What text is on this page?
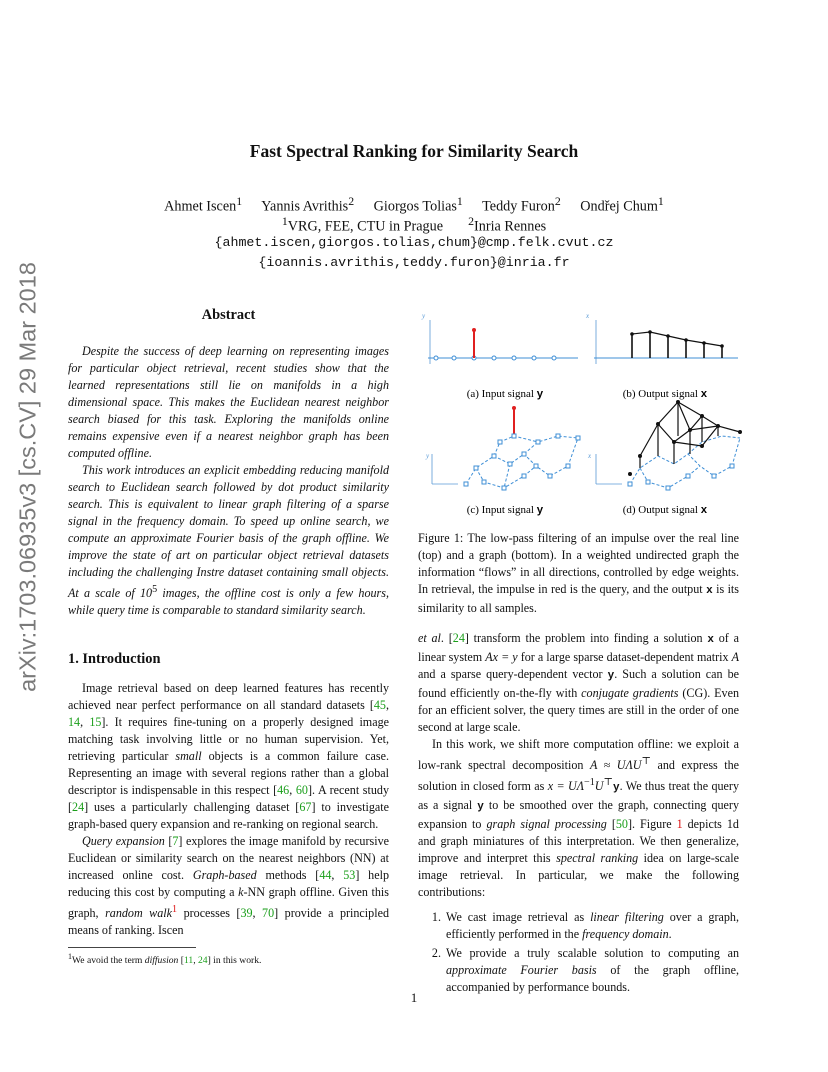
arXiv:1703.06935v3 [cs.CV] 29 Mar 2018
Fast Spectral Ranking for Similarity Search
Ahmet Iscen$^1$ Yannis Avrithis$^2$ Giorgos Tolias$^1$ Teddy Furon$^2$ Ondřej Chum$^1$
$^1$VRG, FEE, CTU in Prague $^2$Inria Rennes
{ahmet.iscen,giorgos.tolias,chum}@cmp.felk.cvut.cz
{ioannis.avrithis,teddy.furon}@inria.fr
Abstract

Despite the success of deep learning on representing images for particular object retrieval, recent studies show that the learned representations still lie on manifolds in a high dimensional space. This makes the Euclidean nearest neighbor search biased for this task. Exploring the manifolds online remains expensive even if a nearest neighbor graph has been computed offline.

This work introduces an explicit embedding reducing manifold search to Euclidean search followed by dot product similarity search. This is equivalent to linear graph filtering of a sparse signal in the frequency domain. To speed up online search, we compute an approximate Fourier basis of the graph offline. We improve the state of art on particular object retrieval datasets including the challenging Instre dataset containing small objects. At a scale of $10^5$ images, the offline cost is only a few hours, while query time is comparable to standard similarity search.

1. Introduction

Image retrieval based on deep learned features has recently achieved near perfect performance on all standard datasets [45, 14, 15]. It requires fine-tuning on a properly designed image matching task involving little or no human supervision. Yet, retrieving particular small objects is a common failure case. Representing an image with several regions rather than a global descriptor is indispensable in this respect [46, 60]. A recent study [24] uses a particularly challenging dataset [67] to investigate graph-based query expansion and re-ranking on regional search.

Query expansion [7] explores the image manifold by recursive Euclidean or similarity search on the nearest neighbors (NN) at increased online cost. Graph-based methods [44, 53] help reducing this cost by computing a k-NN graph offline. Given this graph, random walk$^1$ processes [39, 70] provide a principled means of ranking. Iscen

$^1$We avoid the term diffusion [11, 24] in this work.
y
(a) Input signal y
x
(b) Output signal x
y
(c) Input signal y
x
(d) Output signal x
Figure 1: The low-pass filtering of an impulse over the real line (top) and a graph (bottom). In a weighted undirected graph the information “flows” in all directions, controlled by edge weights. In retrieval, the impulse in red is the query, and the output x is its similarity to all samples.

et al. [24] transform the problem into finding a solution x of a linear system Ax = y for a large sparse dataset-dependent matrix A and a sparse query-dependent vector y. Such a solution can be found efficiently on-the-fly with conjugate gradients (CG). Even for an efficient solver, the query times are still in the order of one second at large scale.

In this work, we shift more computation offline: we exploit a low-rank spectral decomposition A ≈ UΛU⊤ and express the solution in closed form as $x = U\Lambda^{-1}U^⊤y$. We thus treat the query as a signal y to be smoothed over the graph, connecting query expansion to graph signal processing [50]. Figure 1 depicts 1d and graph miniatures of this interpretation. We then generalize, improve and interpret this spectral ranking idea on large-scale image retrieval. In particular, we make the following contributions:

1. We cast image retrieval as linear filtering over a graph, efficiently performed in the frequency domain.
2. We provide a truly scalable solution to computing an approximate Fourier basis of the graph offline, accompanied by performance bounds.
1
